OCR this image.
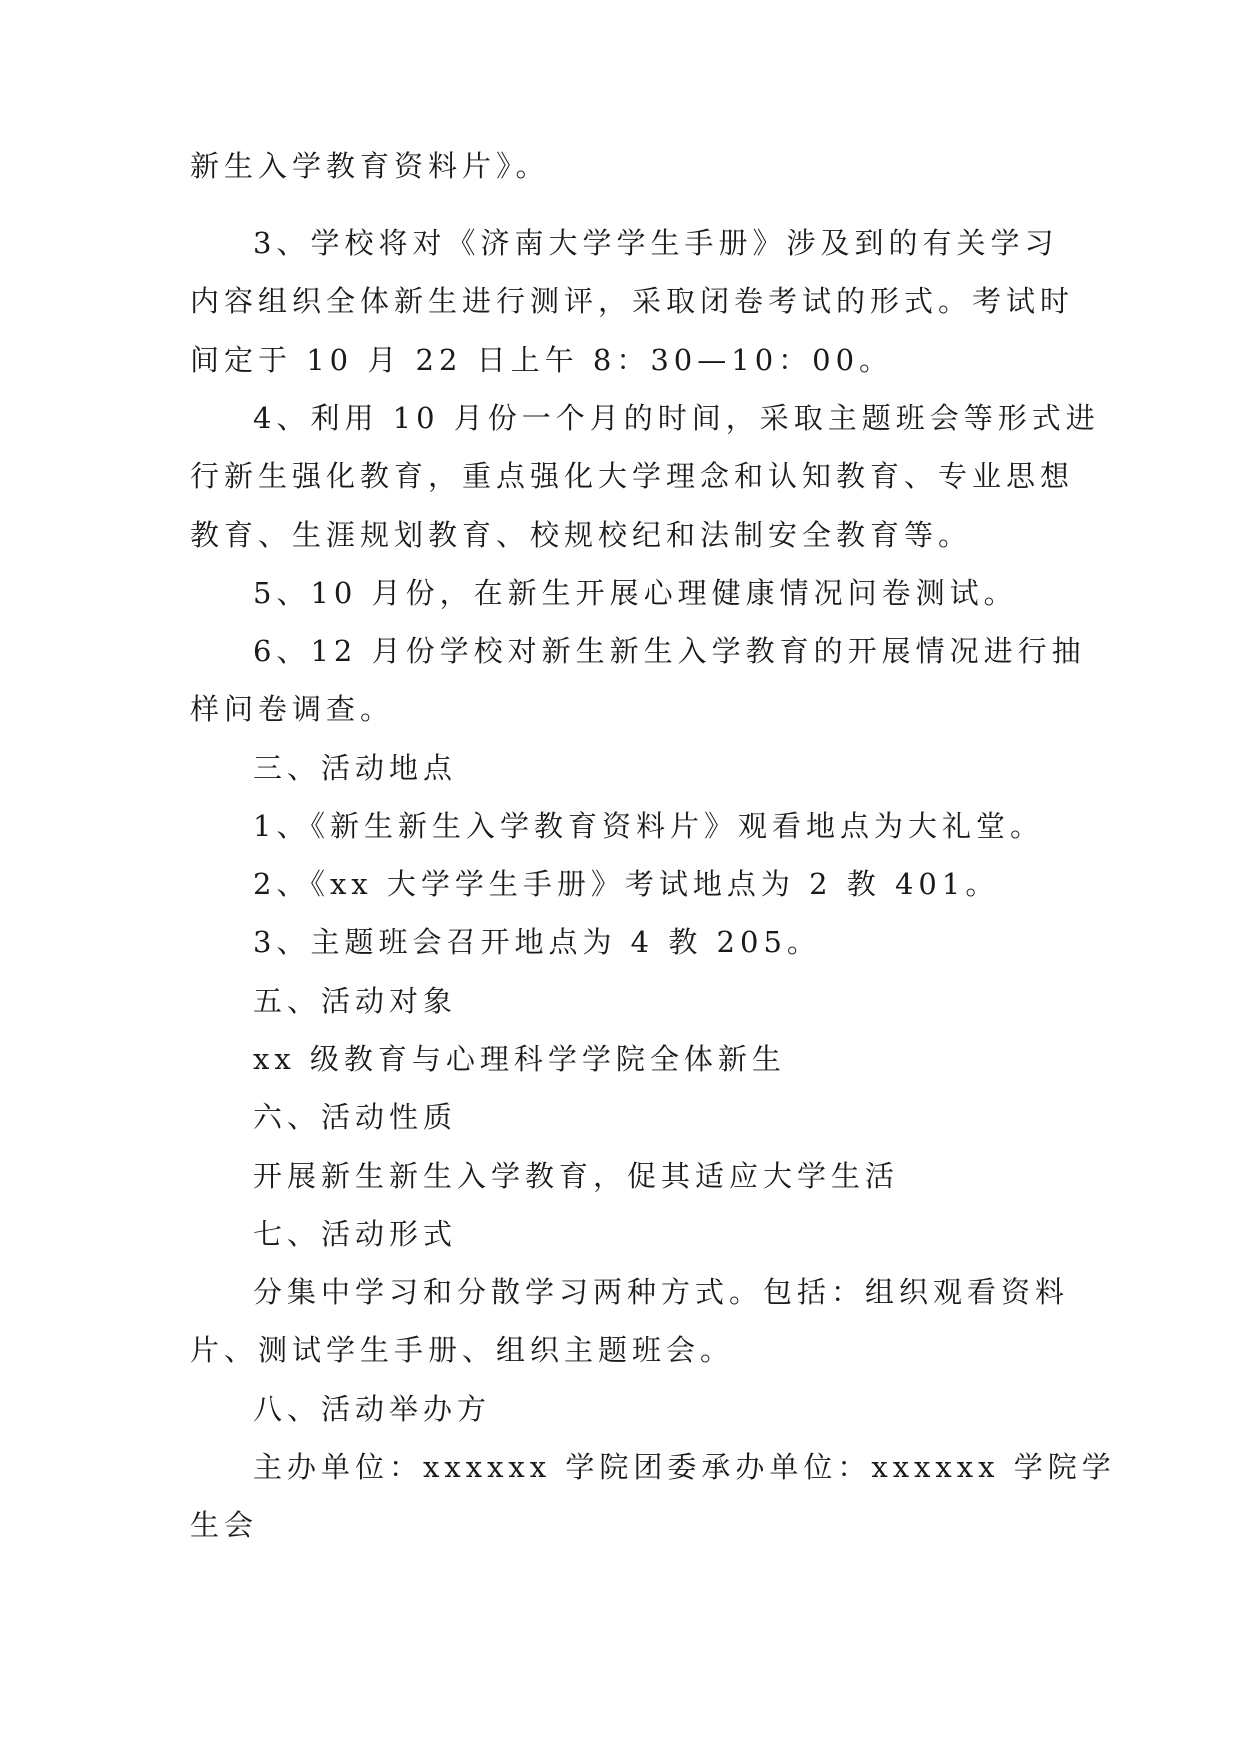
新生入学教育资料片》。

3、学校将对《济南大学学生手册》涉及到的有关学习

内容组织全体新生进行测评，采取闭卷考试的形式。考试时

间定于 10 月 22 日上午 8：30—10：00。

4、利用 10 月份一个月的时间，采取主题班会等形式进

行新生强化教育，重点强化大学理念和认知教育、专业思想

教育、生涯规划教育、校规校纪和法制安全教育等。

5、10 月份，在新生开展心理健康情况问卷测试。

6、12 月份学校对新生新生入学教育的开展情况进行抽

样问卷调查。

三、活动地点

1、《新生新生入学教育资料片》观看地点为大礼堂。

2、《xx 大学学生手册》考试地点为 2 教 401。

3、主题班会召开地点为 4 教 205。

五、活动对象

xx 级教育与心理科学学院全体新生

六、活动性质

开展新生新生入学教育，促其适应大学生活

七、活动形式

分集中学习和分散学习两种方式。包括：组织观看资料

片、测试学生手册、组织主题班会。

八、活动举办方

主办单位：xxxxxx 学院团委承办单位：xxxxxx 学院学

生会
